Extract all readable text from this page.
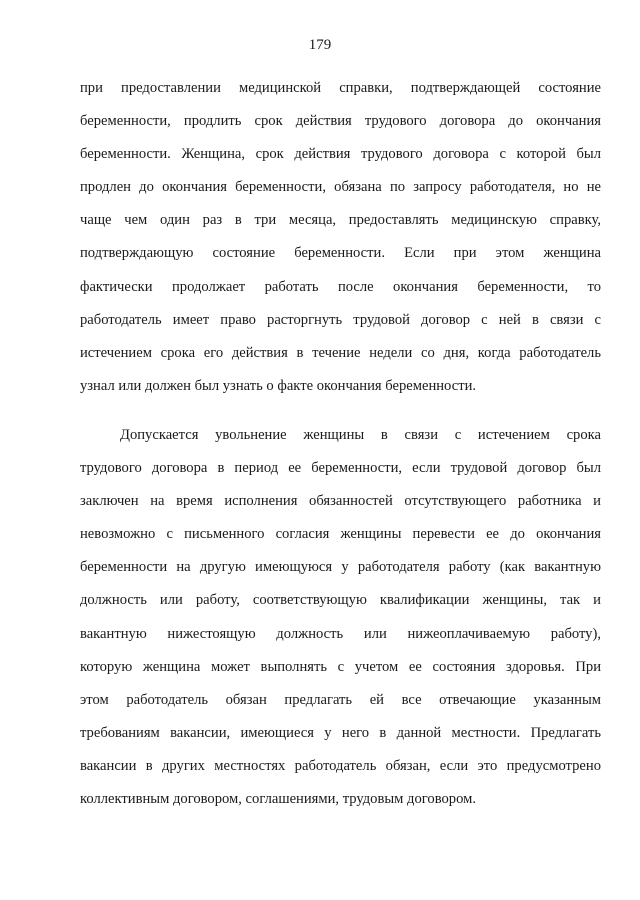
179
при предоставлении медицинской справки, подтверждающей состояние
беременности, продлить срок действия трудового договора до окончания
беременности. Женщина, срок действия трудового договора с которой был
продлен до окончания беременности, обязана по запросу работодателя, но не
чаще чем один раз в три месяца, предоставлять медицинскую справку,
подтверждающую состояние беременности. Если при этом женщина
фактически продолжает работать после окончания беременности, то
работодатель имеет право расторгнуть трудовой договор с ней в связи с
истечением срока его действия в течение недели со дня, когда работодатель
узнал или должен был узнать о факте окончания беременности.
Допускается увольнение женщины в связи с истечением срока
трудового договора в период ее беременности, если трудовой договор был
заключен на время исполнения обязанностей отсутствующего работника и
невозможно с письменного согласия женщины перевести ее до окончания
беременности на другую имеющуюся у работодателя работу (как вакантную
должность или работу, соответствующую квалификации женщины, так и
вакантную нижестоящую должность или нижеоплачиваемую работу),
которую женщина может выполнять с учетом ее состояния здоровья. При
этом работодатель обязан предлагать ей все отвечающие указанным
требованиям вакансии, имеющиеся у него в данной местности. Предлагать
вакансии в других местностях работодатель обязан, если это предусмотрено
коллективным договором, соглашениями, трудовым договором.
